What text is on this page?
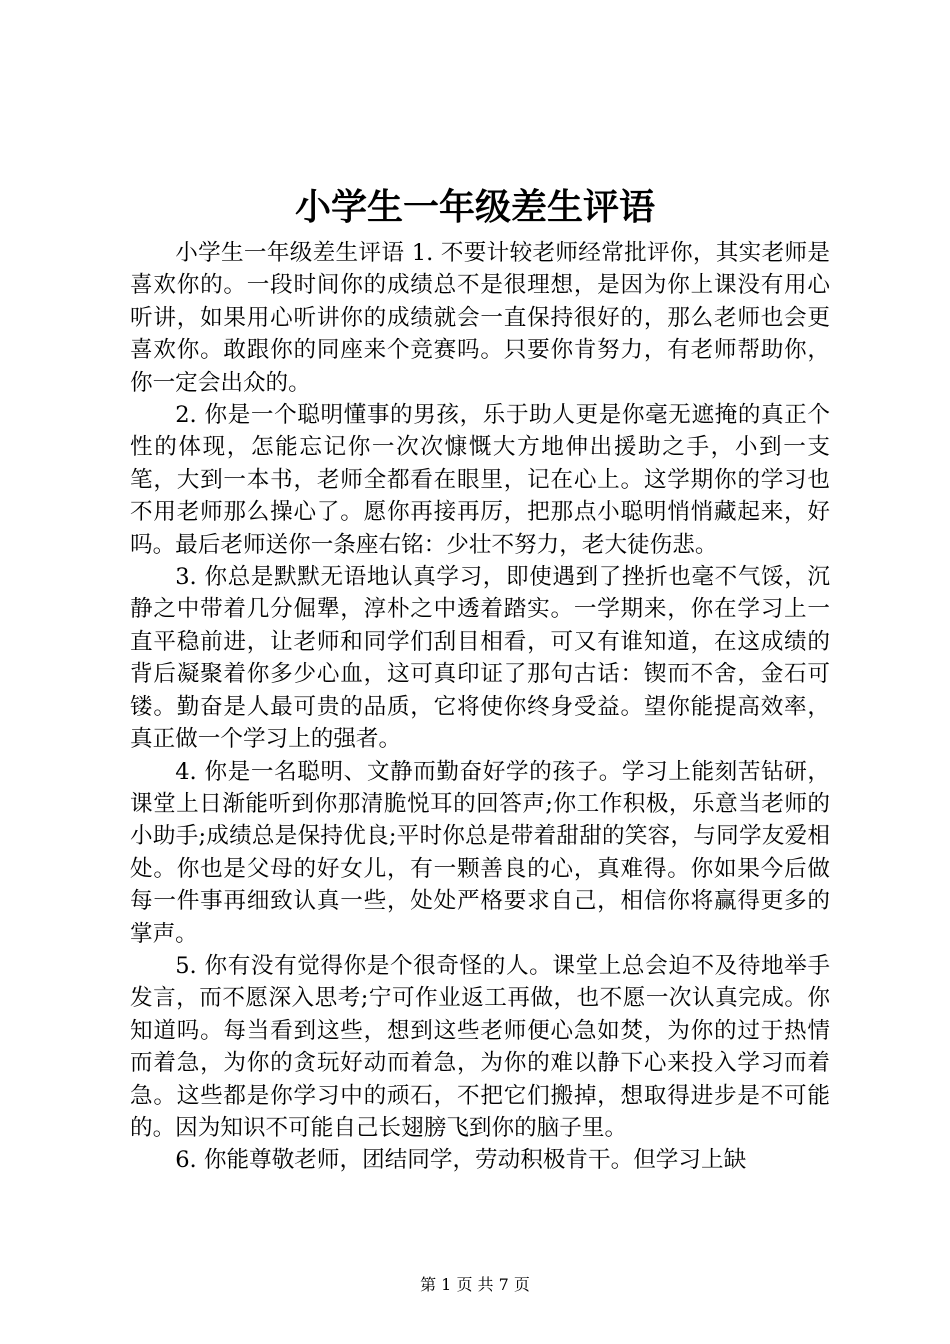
小学生一年级差生评语

小学生一年级差生评语 1. 不要计较老师经常批评你，其实老师是喜欢你的。一段时间你的成绩总不是很理想，是因为你上课没有用心听讲，如果用心听讲你的成绩就会一直保持很好的，那么老师也会更喜欢你。敢跟你的同座来个竞赛吗。只要你肯努力，有老师帮助你，你一定会出众的。

2. 你是一个聪明懂事的男孩，乐于助人更是你毫无遮掩的真正个性的体现，怎能忘记你一次次慷慨大方地伸出援助之手，小到一支笔，大到一本书，老师全都看在眼里，记在心上。这学期你的学习也不用老师那么操心了。愿你再接再厉，把那点小聪明悄悄藏起来，好吗。最后老师送你一条座右铭：少壮不努力，老大徒伤悲。

3. 你总是默默无语地认真学习，即使遇到了挫折也毫不气馁，沉静之中带着几分倔犟，淳朴之中透着踏实。一学期来，你在学习上一直平稳前进，让老师和同学们刮目相看，可又有谁知道，在这成绩的背后凝聚着你多少心血，这可真印证了那句古话：锲而不舍，金石可镂。勤奋是人最可贵的品质，它将使你终身受益。望你能提高效率，真正做一个学习上的强者。

4. 你是一名聪明、文静而勤奋好学的孩子。学习上能刻苦钻研，课堂上日渐能听到你那清脆悦耳的回答声;你工作积极，乐意当老师的小助手;成绩总是保持优良;平时你总是带着甜甜的笑容，与同学友爱相处。你也是父母的好女儿，有一颗善良的心，真难得。你如果今后做每一件事再细致认真一些，处处严格要求自己，相信你将赢得更多的掌声。

5. 你有没有觉得你是个很奇怪的人。课堂上总会迫不及待地举手发言，而不愿深入思考;宁可作业返工再做，也不愿一次认真完成。你知道吗。每当看到这些，想到这些老师便心急如焚，为你的过于热情而着急，为你的贪玩好动而着急，为你的难以静下心来投入学习而着急。这些都是你学习中的顽石，不把它们搬掉，想取得进步是不可能的。因为知识不可能自己长翅膀飞到你的脑子里。

6. 你能尊敬老师，团结同学，劳动积极肯干。但学习上缺

第 1 页 共 7 页
